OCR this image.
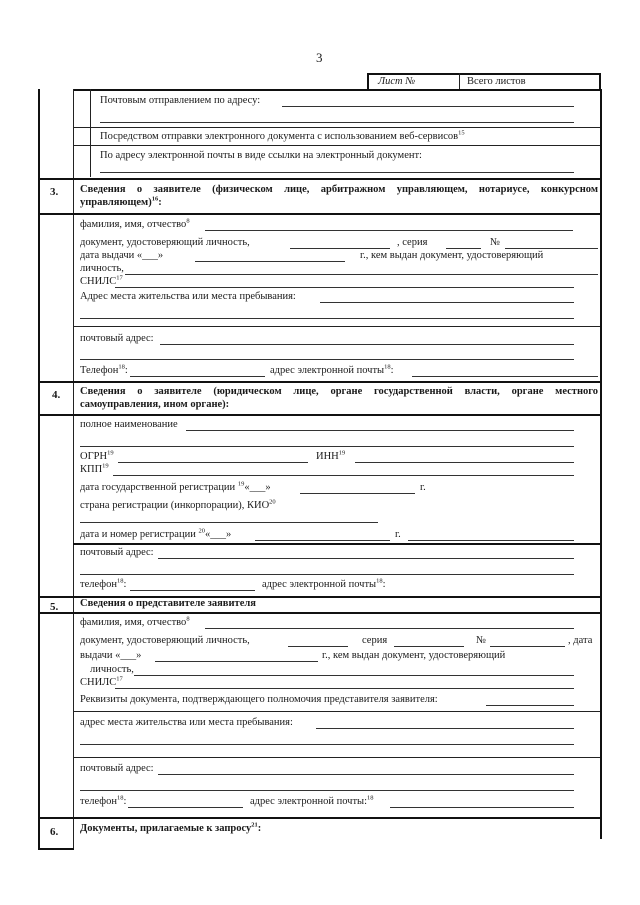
3
Лист №	Всего листов
Почтовым отправлением по адресу:
Посредством отправки электронного документа с использованием веб-сервисов$^{15}$
По адресу электронной почты в виде ссылки на электронный документ:
3. Сведения о заявителе (физическом лице, арбитражном управляющем, нотариусе, конкурсном управляющем)$^{16}$:
фамилия, имя, отчество$^8$
документ, удостоверяющий личность,	, серия	№
дата выдачи «___»	г., кем выдан документ, удостоверяющий
личность,
СНИЛС$^{17}$
Адрес места жительства или места пребывания:
почтовый адрес:
Телефон$^{18}$:	адрес электронной почты$^{18}$:
4. Сведения о заявителе (юридическом лице, органе государственной власти, органе местного самоуправления, ином органе):
полное наименование
ОГРН$^{19}$	ИНН$^{19}$
КПП$^{19}$
дата государственной регистрации $^{19}$«___»	г.
страна регистрации (инкорпорации), КИО$^{20}$
дата и номер регистрации $^{20}$«___»	г.
почтовый адрес:
телефон$^{18}$:	адрес электронной почты$^{18}$:
5. Сведения о представителе заявителя
фамилия, имя, отчество$^8$
документ, удостоверяющий личность,	серия	№	, дата
выдачи «___»	г., кем выдан документ, удостоверяющий
личность,
СНИЛС$^{17}$
Реквизиты документа, подтверждающего полномочия представителя заявителя:
адрес места жительства или места пребывания:
почтовый адрес:
телефон$^{18}$:	адрес электронной почты:$^{18}$
6. Документы, прилагаемые к запросу$^{21}$:
